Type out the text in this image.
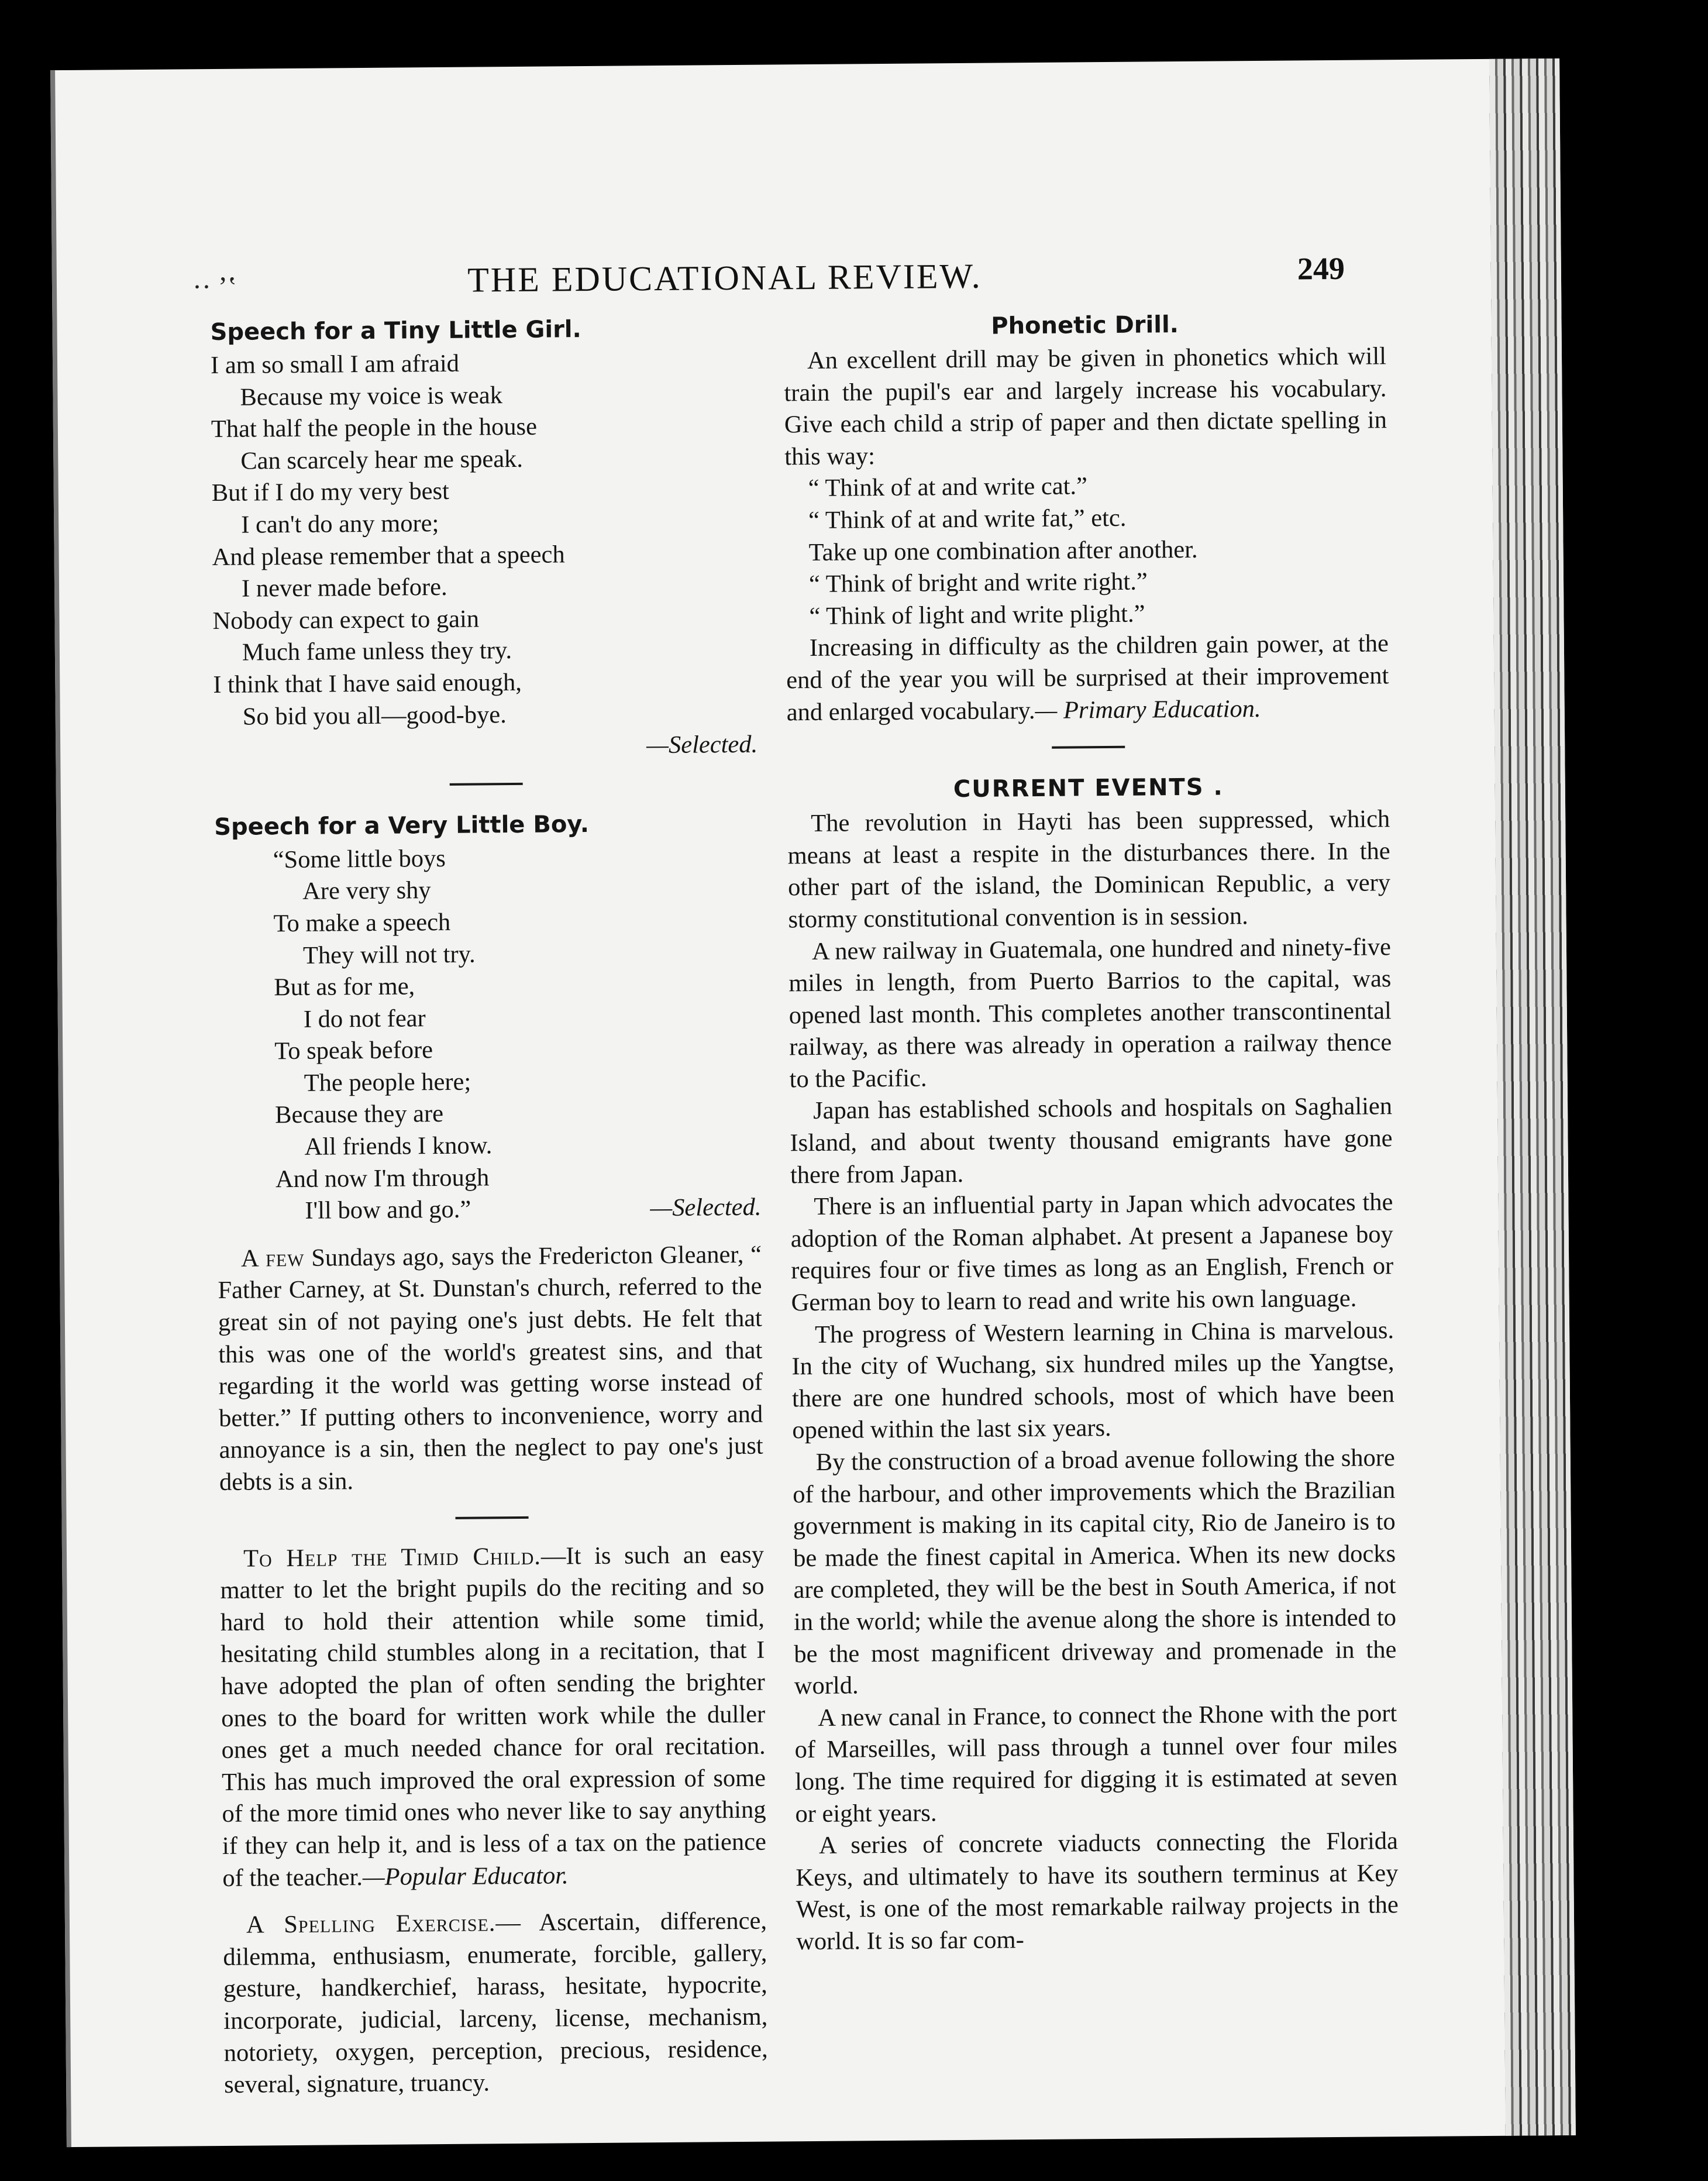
·· ʼʽ	THE EDUCATIONAL REVIEW.	249
Speech for a Tiny Little Girl.
I am so small I am afraid
Because my voice is weak
That half the people in the house
Can scarcely hear me speak.
But if I do my very best
I can't do any more;
And please remember that a speech
I never made before.
Nobody can expect to gain
Much fame unless they try.
I think that I have said enough,
So bid you all—good-bye.
—Selected.
Speech for a Very Little Boy.
“Some little boys
Are very shy
To make a speech
They will not try.
But as for me,
I do not fear
To speak before
The people here;
Because they are
All friends I know.
And now I'm through
I'll bow and go.”	—Selected.

A few Sundays ago, says the Fredericton Gleaner, “ Father Carney, at St. Dunstan's church, referred to the great sin of not paying one's just debts. He felt that this was one of the world's greatest sins, and that regarding it the world was getting worse instead of better.” If putting others to inconvenience, worry and annoyance is a sin, then the neglect to pay one's just debts is a sin.

To Help the Timid Child.—It is such an easy matter to let the bright pupils do the reciting and so hard to hold their attention while some timid, hesitating child stumbles along in a recitation, that I have adopted the plan of often sending the brighter ones to the board for written work while the duller ones get a much needed chance for oral recitation. This has much improved the oral expression of some of the more timid ones who never like to say anything if they can help it, and is less of a tax on the patience of the teacher.—Popular Educator.

A Spelling Exercise.— Ascertain, difference, dilemma, enthusiasm, enumerate, forcible, gallery, gesture, handkerchief, harass, hesitate, hypocrite, incorporate, judicial, larceny, license, mechanism, notoriety, oxygen, perception, precious, residence, several, signature, truancy.

Phonetic Drill.

An excellent drill may be given in phonetics which will train the pupil's ear and largely increase his vocabulary. Give each child a strip of paper and then dictate spelling in this way:

“ Think of at and write cat.”
“ Think of at and write fat,” etc.
Take up one combination after another.
“ Think of bright and write right.”
“ Think of light and write plight.”

Increasing in difficulty as the children gain power, at the end of the year you will be surprised at their improvement and enlarged vocabulary.— Primary Education.

CURRENT EVENTS .

The revolution in Hayti has been suppressed, which means at least a respite in the disturbances there. In the other part of the island, the Dominican Republic, a very stormy constitutional convention is in session.

A new railway in Guatemala, one hundred and ninety-five miles in length, from Puerto Barrios to the capital, was opened last month. This completes another transcontinental railway, as there was already in operation a railway thence to the Pacific.

Japan has established schools and hospitals on Saghalien Island, and about twenty thousand emigrants have gone there from Japan.

There is an influential party in Japan which advocates the adoption of the Roman alphabet. At present a Japanese boy requires four or five times as long as an English, French or German boy to learn to read and write his own language.

The progress of Western learning in China is marvelous. In the city of Wuchang, six hundred miles up the Yangtse, there are one hundred schools, most of which have been opened within the last six years.

By the construction of a broad avenue following the shore of the harbour, and other improvements which the Brazilian government is making in its capital city, Rio de Janeiro is to be made the finest capital in America. When its new docks are completed, they will be the best in South America, if not in the world; while the avenue along the shore is intended to be the most magnificent driveway and promenade in the world.

A new canal in France, to connect the Rhone with the port of Marseilles, will pass through a tunnel over four miles long. The time required for digging it is estimated at seven or eight years.

A series of concrete viaducts connecting the Florida Keys, and ultimately to have its southern terminus at Key West, is one of the most remarkable railway projects in the world. It is so far com-
